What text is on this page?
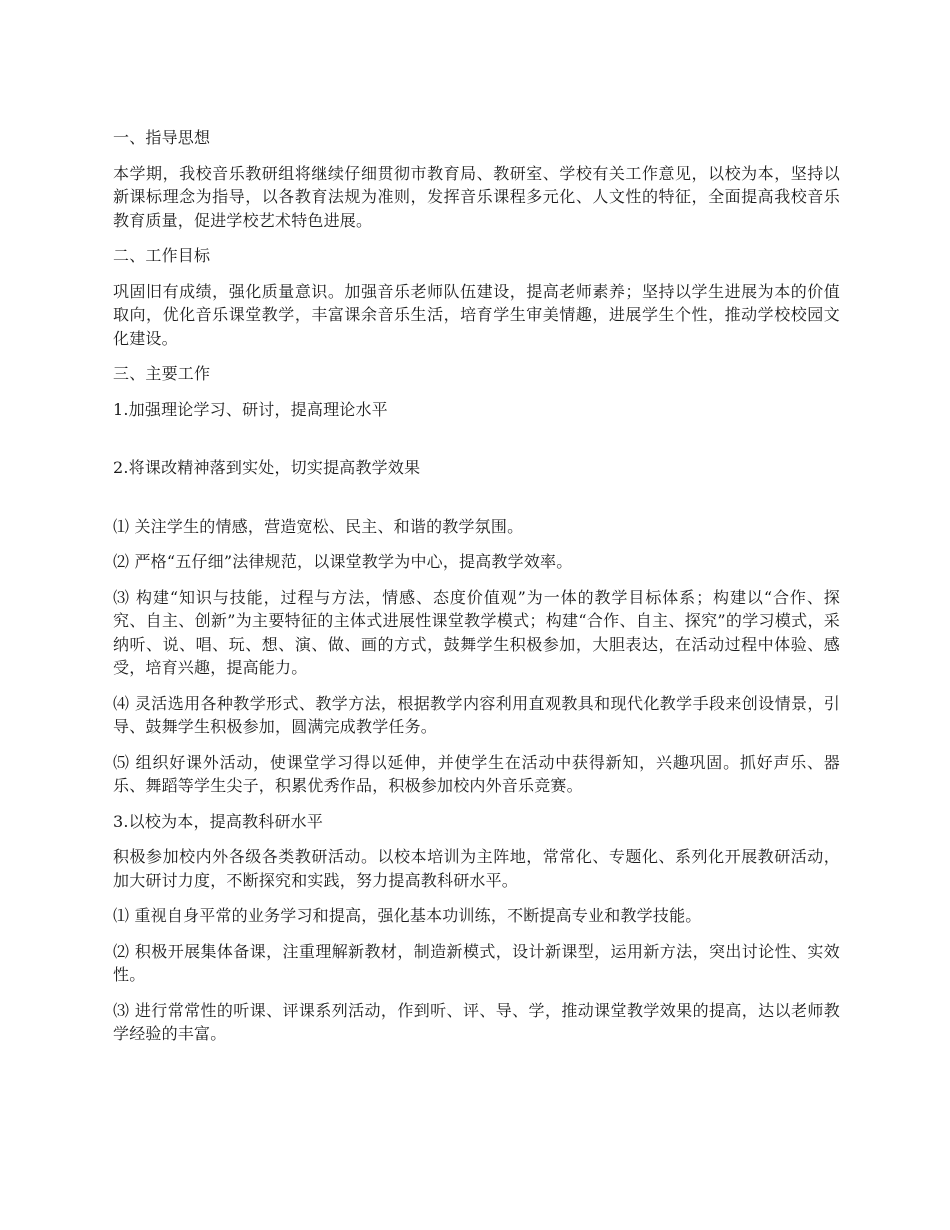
一、指导思想
本学期，我校音乐教研组将继续仔细贯彻市教育局、教研室、学校有关工作意见，以校为本，坚持以新课标理念为指导，以各教育法规为准则，发挥音乐课程多元化、人文性的特征，全面提高我校音乐教育质量，促进学校艺术特色进展。
二、工作目标
巩固旧有成绩，强化质量意识。加强音乐老师队伍建设，提高老师素养；坚持以学生进展为本的价值取向，优化音乐课堂教学，丰富课余音乐生活，培育学生审美情趣，进展学生个性，推动学校校园文化建设。
三、主要工作
1.加强理论学习、研讨，提高理论水平
2.将课改精神落到实处，切实提高教学效果
⑴ 关注学生的情感，营造宽松、民主、和谐的教学氛围。
⑵ 严格“五仔细”法律规范，以课堂教学为中心，提高教学效率。
⑶ 构建“知识与技能，过程与方法，情感、态度价值观”为一体的教学目标体系；构建以“合作、探究、自主、创新”为主要特征的主体式进展性课堂教学模式；构建“合作、自主、探究”的学习模式，采纳听、说、唱、玩、想、演、做、画的方式，鼓舞学生积极参加，大胆表达，在活动过程中体验、感受，培育兴趣，提高能力。
⑷ 灵活选用各种教学形式、教学方法，根据教学内容利用直观教具和现代化教学手段来创设情景，引导、鼓舞学生积极参加，圆满完成教学任务。
⑸ 组织好课外活动，使课堂学习得以延伸，并使学生在活动中获得新知，兴趣巩固。抓好声乐、器乐、舞蹈等学生尖子，积累优秀作品，积极参加校内外音乐竞赛。
3.以校为本，提高教科研水平
积极参加校内外各级各类教研活动。以校本培训为主阵地，常常化、专题化、系列化开展教研活动，加大研讨力度，不断探究和实践，努力提高教科研水平。
⑴ 重视自身平常的业务学习和提高，强化基本功训练，不断提高专业和教学技能。
⑵ 积极开展集体备课，注重理解新教材，制造新模式，设计新课型，运用新方法，突出讨论性、实效性。
⑶ 进行常常性的听课、评课系列活动，作到听、评、导、学，推动课堂教学效果的提高，达以老师教学经验的丰富。
